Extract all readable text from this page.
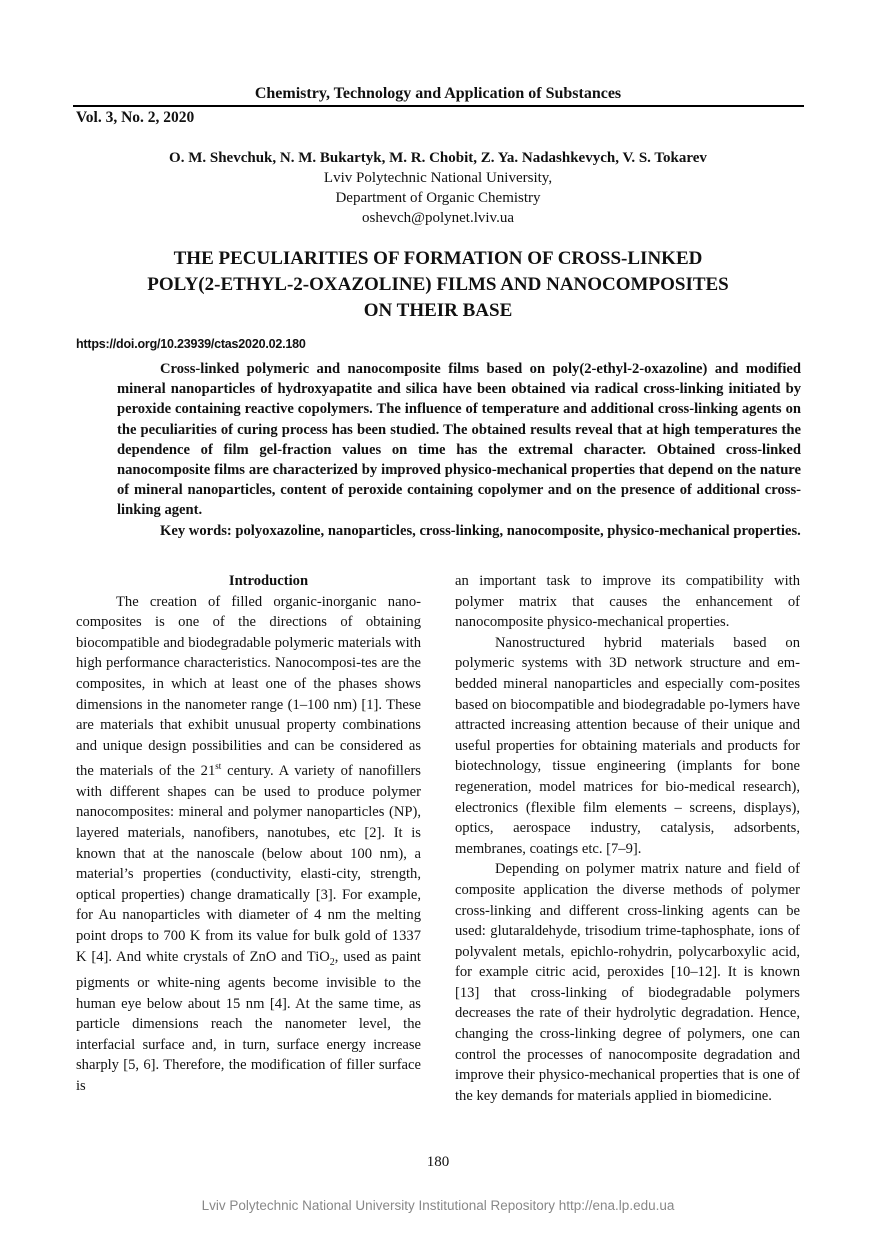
Chemistry, Technology and Application of Substances
Vol. 3, No. 2, 2020
O. M. Shevchuk, N. M. Bukartyk, M. R. Chobit, Z. Ya. Nadashkevych, V. S. Tokarev
Lviv Polytechnic National University,
Department of Organic Chemistry
oshevch@polynet.lviv.ua
THE PECULIARITIES OF FORMATION OF CROSS-LINKED
POLY(2-ETHYL-2-OXAZOLINE) FILMS AND NANOCOMPOSITES
ON THEIR BASE
https://doi.org/10.23939/ctas2020.02.180

Cross-linked polymeric and nanocomposite films based on poly(2-ethyl-2-oxazoline) and modified mineral nanoparticles of hydroxyapatite and silica have been obtained via radical cross-linking initiated by peroxide containing reactive copolymers. The influence of temperature and additional cross-linking agents on the peculiarities of curing process has been studied. The obtained results reveal that at high temperatures the dependence of film gel-fraction values on time has the extremal character. Obtained cross-linked nanocomposite films are characterized by improved physico-mechanical properties that depend on the nature of mineral nanoparticles, content of peroxide containing copolymer and on the presence of additional cross-linking agent.

Key words: polyoxazoline, nanoparticles, cross-linking, nanocomposite, physico-mechanical properties.

Introduction

The creation of filled organic-inorganic nano-composites is one of the directions of obtaining biocompatible and biodegradable polymeric materials with high performance characteristics. Nanocomposi-tes are the composites, in which at least one of the phases shows dimensions in the nanometer range (1–100 nm) [1]. These are materials that exhibit unusual property combinations and unique design possibilities and can be considered as the materials of the 21st century. A variety of nanofillers with different shapes can be used to produce polymer nanocomposites: mineral and polymer nanoparticles (NP), layered materials, nanofibers, nanotubes, etc [2]. It is known that at the nanoscale (below about 100 nm), a material’s properties (conductivity, elasti-city, strength, optical properties) change dramatically [3]. For example, for Au nanoparticles with diameter of 4 nm the melting point drops to 700 K from its value for bulk gold of 1337 K [4]. And white crystals of ZnO and TiO$_2$, used as paint pigments or white-ning agents become invisible to the human eye below about 15 nm [4]. At the same time, as particle dimensions reach the nanometer level, the interfacial surface and, in turn, surface energy increase sharply [5, 6]. Therefore, the modification of filler surface is

an important task to improve its compatibility with polymer matrix that causes the enhancement of nanocomposite physico-mechanical properties.

Nanostructured hybrid materials based on polymeric systems with 3D network structure and em-bedded mineral nanoparticles and especially com-posites based on biocompatible and biodegradable po-lymers have attracted increasing attention because of their unique and useful properties for obtaining materials and products for biotechnology, tissue engineering (implants for bone regeneration, model matrices for bio-medical research), electronics (flexible film elements – screens, displays), optics, aerospace industry, catalysis, adsorbents, membranes, coatings etc. [7–9].

Depending on polymer matrix nature and field of composite application the diverse methods of polymer cross-linking and different cross-linking agents can be used: glutaraldehyde, trisodium trime-taphosphate, ions of polyvalent metals, epichlo-rohydrin, polycarboxylic acid, for example citric acid, peroxides [10–12]. It is known [13] that cross-linking of biodegradable polymers decreases the rate of their hydrolytic degradation. Hence, changing the cross-linking degree of polymers, one can control the processes of nanocomposite degradation and improve their physico-mechanical properties that is one of the key demands for materials applied in biomedicine.

180
Lviv Polytechnic National University Institutional Repository http://ena.lp.edu.ua
